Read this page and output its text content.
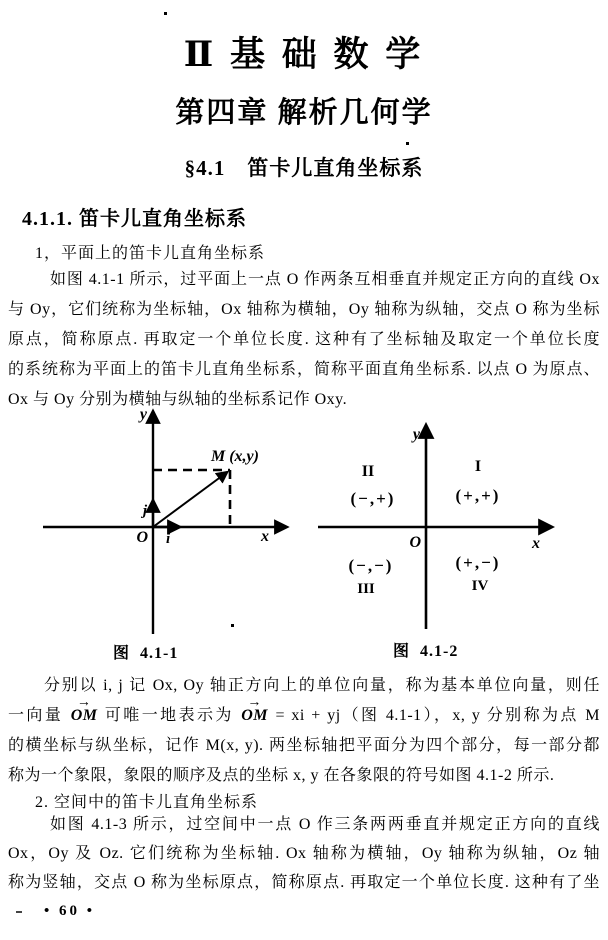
Ⅱ 基 础 数 学
第四章 解析几何学
§4.1　笛卡儿直角坐标系
4.1.1. 笛卡儿直角坐标系
1，平面上的笛卡儿直角坐标系
如图 4.1-1 所示，过平面上一点 O 作两条互相垂直并规定正方向的直线 Ox
与 Oy，它们统称为坐标轴，Ox 轴称为横轴，Oy 轴称为纵轴，交点 O 称为坐标
原点，简称原点. 再取定一个单位长度. 这种有了坐标轴及取定一个单位长度
的系统称为平面上的笛卡儿直角坐标系，简称平面直角坐标系. 以点 O 为原点、
Ox 与 Oy 分别为横轴与纵轴的坐标系记作 Oxy.
y
x
O
j
i
M (x,y)
图  4.1-1
y
x
O
II	I
(−,+)	(+,+)
(−,−)	(+,−)
III	IV
图  4.1-2
分别以 i, j 记 Ox, Oy 轴正方向上的单位向量，称为基本单位向量，则任
一向量 OM → 可唯一地表示为 OM → = xi + yj（图 4.1-1），x, y 分别称为点 M
的横坐标与纵坐标，记作 M(x, y). 两坐标轴把平面分为四个部分，每一部分都
称为一个象限，象限的顺序及点的坐标 x, y 在各象限的符号如图 4.1-2 所示.
2. 空间中的笛卡儿直角坐标系
如图 4.1-3 所示，过空间中一点 O 作三条两两垂直并规定正方向的直线
Ox，Oy 及 Oz. 它们统称为坐标轴. Ox 轴称为横轴，Oy 轴称为纵轴，Oz 轴
称为竖轴，交点 O 称为坐标原点，简称原点. 再取定一个单位长度. 这种有了坐
• 60 •
